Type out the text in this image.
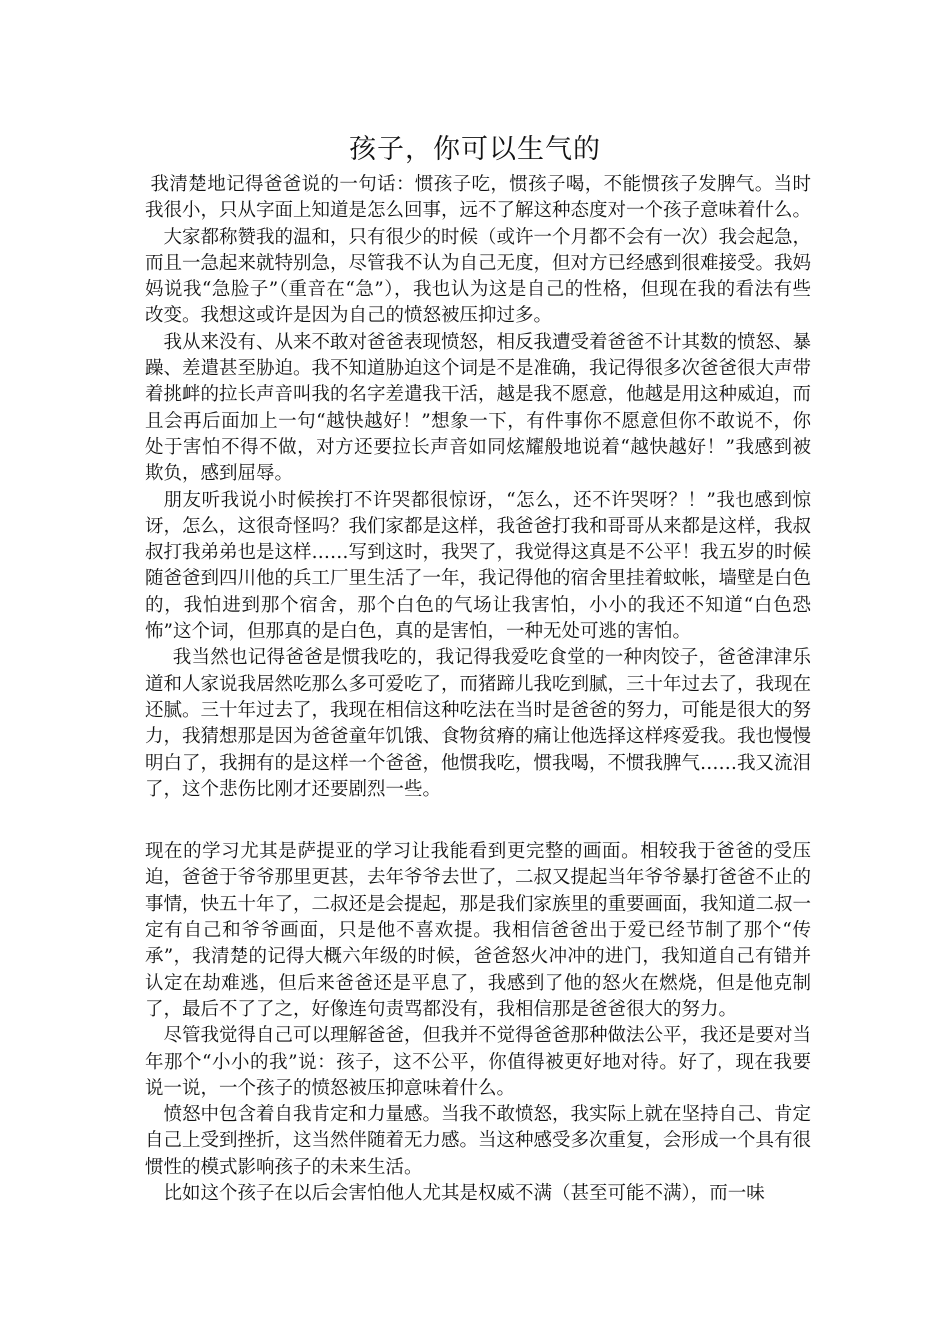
孩子，你可以生气的

我清楚地记得爸爸说的一句话：惯孩子吃，惯孩子喝，不能惯孩子发脾气。当时我很小，只从字面上知道是怎么回事，远不了解这种态度对一个孩子意味着什么。

大家都称赞我的温和，只有很少的时候（或许一个月都不会有一次）我会起急，而且一急起来就特别急，尽管我不认为自己无度，但对方已经感到很难接受。我妈妈说我“急脸子”（重音在“急”），我也认为这是自己的性格，但现在我的看法有些改变。我想这或许是因为自己的愤怒被压抑过多。

我从来没有、从来不敢对爸爸表现愤怒，相反我遭受着爸爸不计其数的愤怒、暴躁、差遣甚至胁迫。我不知道胁迫这个词是不是准确，我记得很多次爸爸很大声带着挑衅的拉长声音叫我的名字差遣我干活，越是我不愿意，他越是用这种威迫，而且会再后面加上一句“越快越好！”想象一下，有件事你不愿意但你不敢说不，你处于害怕不得不做，对方还要拉长声音如同炫耀般地说着“越快越好！”我感到被欺负，感到屈辱。

朋友听我说小时候挨打不许哭都很惊讶，“怎么，还不许哭呀？！”我也感到惊讶，怎么，这很奇怪吗？我们家都是这样，我爸爸打我和哥哥从来都是这样，我叔叔打我弟弟也是这样……写到这时，我哭了，我觉得这真是不公平！我五岁的时候随爸爸到四川他的兵工厂里生活了一年，我记得他的宿舍里挂着蚊帐，墙壁是白色的，我怕进到那个宿舍，那个白色的气场让我害怕，小小的我还不知道“白色恐怖”这个词，但那真的是白色，真的是害怕，一种无处可逃的害怕。

我当然也记得爸爸是惯我吃的，我记得我爱吃食堂的一种肉饺子，爸爸津津乐道和人家说我居然吃那么多可爱吃了，而猪蹄儿我吃到腻，三十年过去了，我现在还腻。三十年过去了，我现在相信这种吃法在当时是爸爸的努力，可能是很大的努力，我猜想那是因为爸爸童年饥饿、食物贫瘠的痛让他选择这样疼爱我。我也慢慢明白了，我拥有的是这样一个爸爸，他惯我吃，惯我喝，不惯我脾气……我又流泪了，这个悲伤比刚才还要剧烈一些。

现在的学习尤其是萨提亚的学习让我能看到更完整的画面。相较我于爸爸的受压迫，爸爸于爷爷那里更甚，去年爷爷去世了，二叔又提起当年爷爷暴打爸爸不止的事情，快五十年了，二叔还是会提起，那是我们家族里的重要画面，我知道二叔一定有自己和爷爷画面，只是他不喜欢提。我相信爸爸出于爱已经节制了那个“传承”，我清楚的记得大概六年级的时候，爸爸怒火冲冲的进门，我知道自己有错并认定在劫难逃，但后来爸爸还是平息了，我感到了他的怒火在燃烧，但是他克制了，最后不了了之，好像连句责骂都没有，我相信那是爸爸很大的努力。

尽管我觉得自己可以理解爸爸，但我并不觉得爸爸那种做法公平，我还是要对当年那个“小小的我”说：孩子，这不公平，你值得被更好地对待。好了，现在我要说一说，一个孩子的愤怒被压抑意味着什么。

愤怒中包含着自我肯定和力量感。当我不敢愤怒，我实际上就在坚持自己、肯定自己上受到挫折，这当然伴随着无力感。当这种感受多次重复，会形成一个具有很惯性的模式影响孩子的未来生活。

比如这个孩子在以后会害怕他人尤其是权威不满（甚至可能不满），而一味
